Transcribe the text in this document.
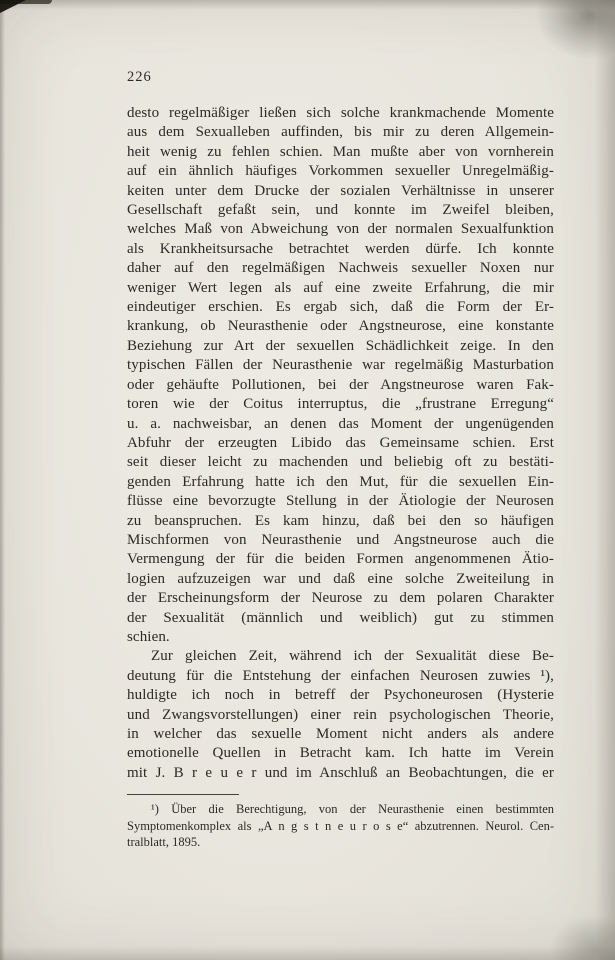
226
desto regelmäßiger ließen sich solche krankmachende Momente
aus dem Sexualleben auffinden, bis mir zu deren Allgemein-
heit wenig zu fehlen schien. Man mußte aber von vornherein
auf ein ähnlich häufiges Vorkommen sexueller Unregelmäßig-
keiten unter dem Drucke der sozialen Verhältnisse in unserer
Gesellschaft gefaßt sein, und konnte im Zweifel bleiben,
welches Maß von Abweichung von der normalen Sexualfunktion
als Krankheitsursache betrachtet werden dürfe. Ich konnte
daher auf den regelmäßigen Nachweis sexueller Noxen nur
weniger Wert legen als auf eine zweite Erfahrung, die mir
eindeutiger erschien. Es ergab sich, daß die Form der Er-
krankung, ob Neurasthenie oder Angstneurose, eine konstante
Beziehung zur Art der sexuellen Schädlichkeit zeige. In den
typischen Fällen der Neurasthenie war regelmäßig Masturbation
oder gehäufte Pollutionen, bei der Angstneurose waren Fak-
toren wie der Coitus interruptus, die „frustrane Erregung“
u. a. nachweisbar, an denen das Moment der ungenügenden
Abfuhr der erzeugten Libido das Gemeinsame schien. Erst
seit dieser leicht zu machenden und beliebig oft zu bestäti-
genden Erfahrung hatte ich den Mut, für die sexuellen Ein-
flüsse eine bevorzugte Stellung in der Ätiologie der Neurosen
zu beanspruchen. Es kam hinzu, daß bei den so häufigen
Mischformen von Neurasthenie und Angstneurose auch die
Vermengung der für die beiden Formen angenommenen Ätio-
logien aufzuzeigen war und daß eine solche Zweiteilung in
der Erscheinungsform der Neurose zu dem polaren Charakter
der Sexualität (männlich und weiblich) gut zu stimmen
schien.
Zur gleichen Zeit, während ich der Sexualität diese Be-
deutung für die Entstehung der einfachen Neurosen zuwies ¹),
huldigte ich noch in betreff der Psychoneurosen (Hysterie
und Zwangsvorstellungen) einer rein psychologischen Theorie,
in welcher das sexuelle Moment nicht anders als andere
emotionelle Quellen in Betracht kam. Ich hatte im Verein
mit J. B r e u e r und im Anschluß an Beobachtungen, die er
¹) Über die Berechtigung, von der Neurasthenie einen bestimmten
Symptomenkomplex als „A n g s t n e u r o s e“ abzutrennen. Neurol. Cen-
tralblatt, 1895.
